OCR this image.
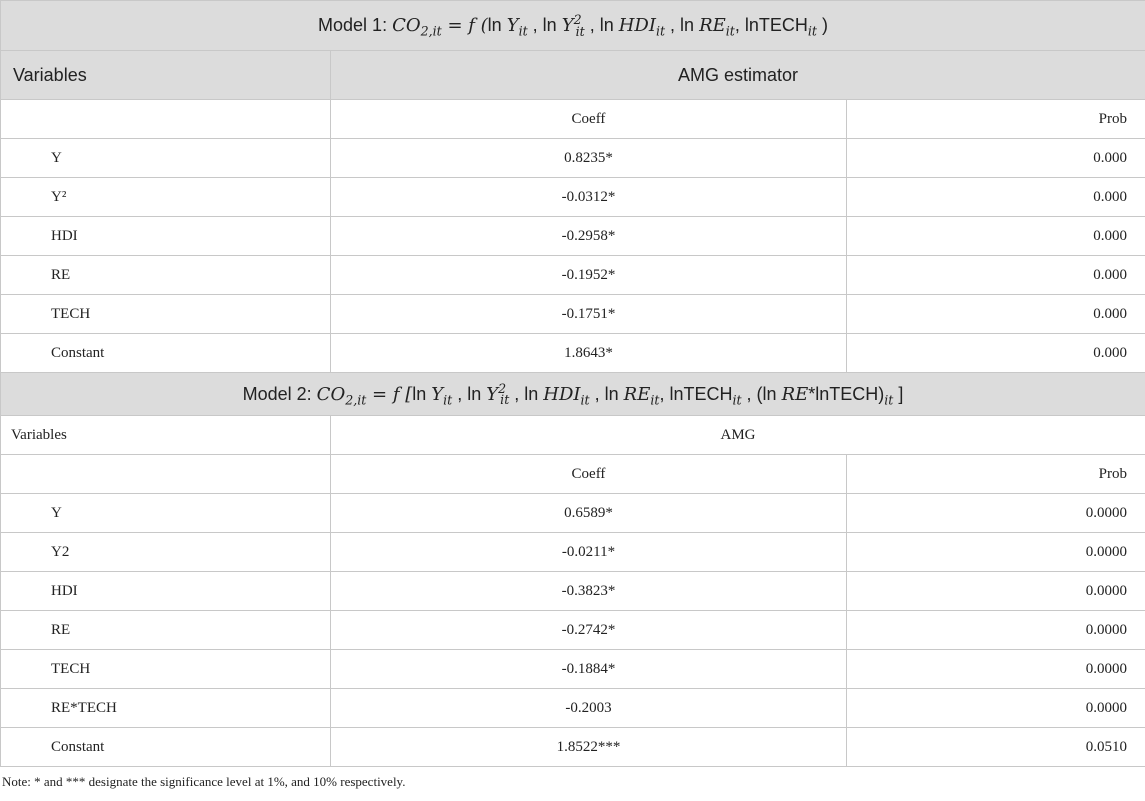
Model 1: $CO_{2,it} = f$ (ln $Y_{it}$ , $\ln Y^2_{it}$ , $\ln HDI_{it}$ , $\ln RE_{it}$, lnTECH$_{it}$ )		
Variables	AMG estimator	
	Coeff	Prob
Y	0.8235*	0.000
Y²	-0.0312*	0.000
HDI	-0.2958*	0.000
RE	-0.1952*	0.000
TECH	-0.1751*	0.000
Constant	1.8643*	0.000
Model 2: $CO_{2,it} = f$ [ln $Y_{it}$ , $\ln Y^2_{it}$ , $\ln HDI_{it}$ , $\ln RE_{it}$, lnTECH$_{it}$ , (ln $RE*lnTECH)_{it}$ ]		
Variables	AMG	
	Coeff	Prob
Y	0.6589*	0.0000
Y2	-0.0211*	0.0000
HDI	-0.3823*	0.0000
RE	-0.2742*	0.0000
TECH	-0.1884*	0.0000
RE*TECH	-0.2003	0.0000
Constant	1.8522***	0.0510
Note: * and *** designate the significance level at 1%, and 10% respectively.
